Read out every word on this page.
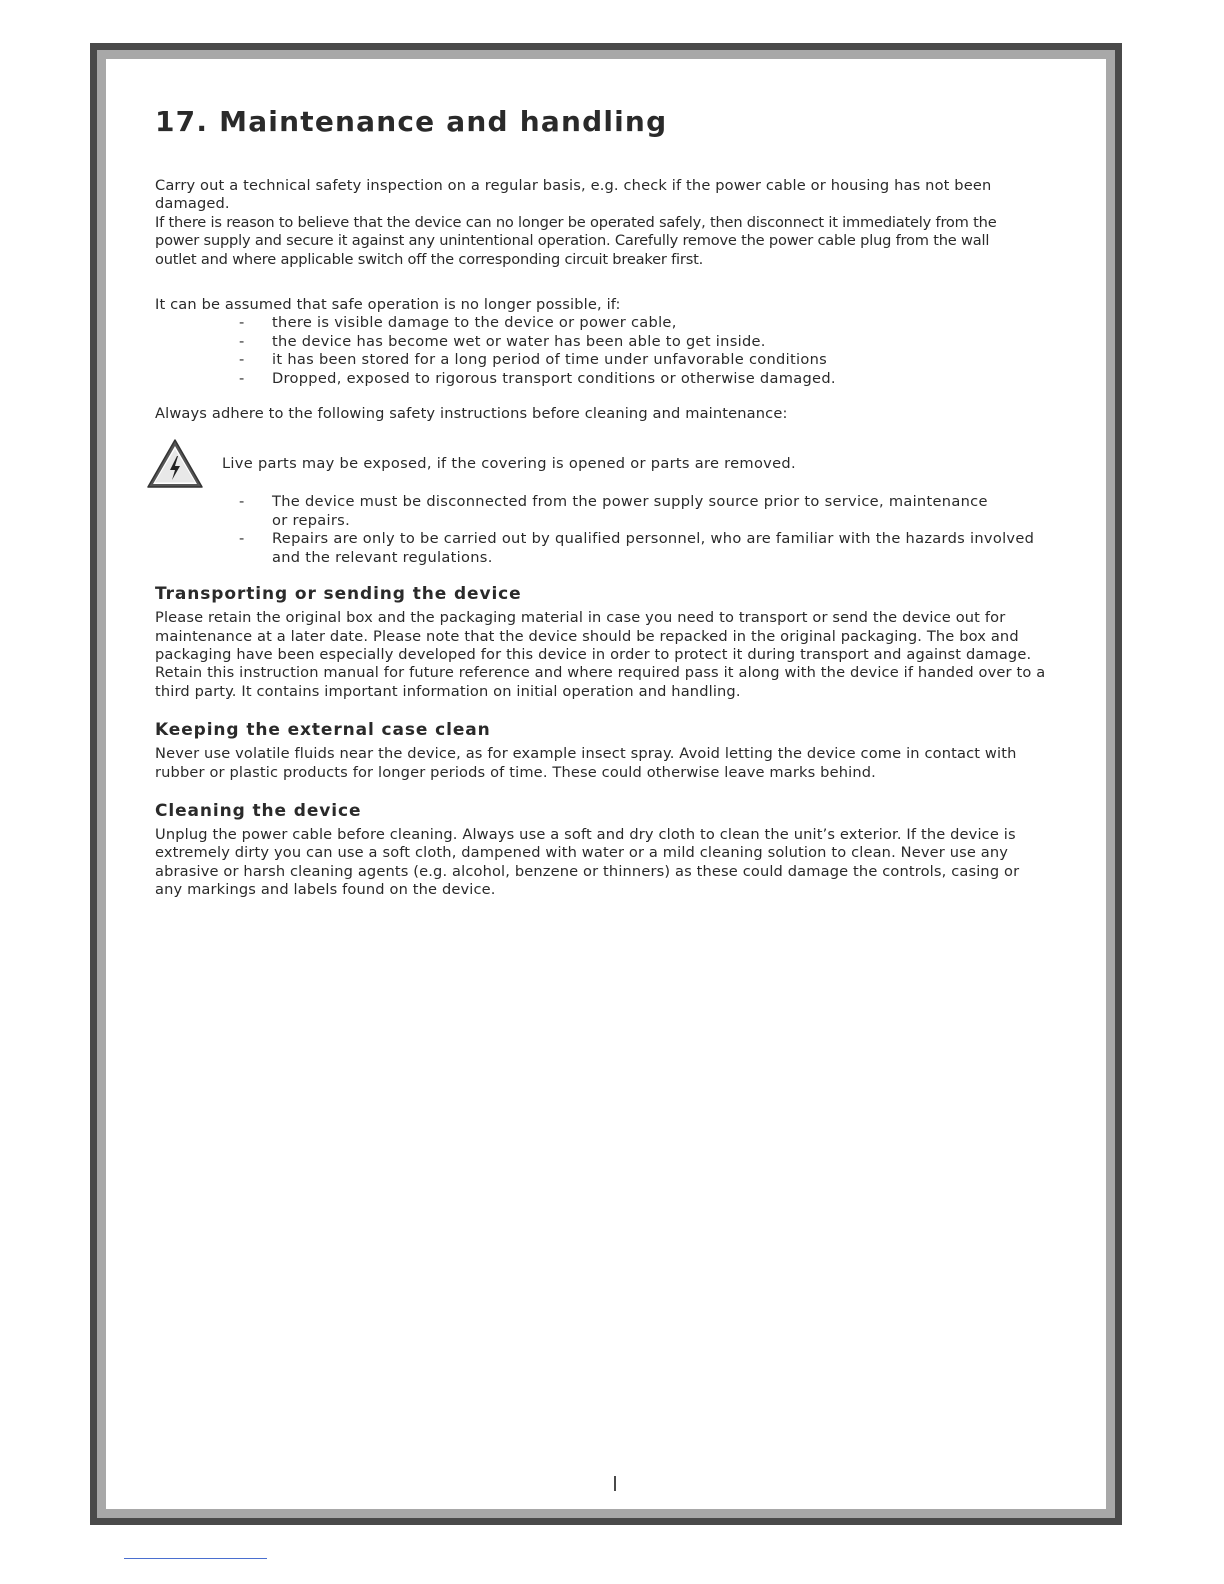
17. Maintenance and handling

Carry out a technical safety inspection on a regular basis, e.g. check if the power cable or housing has not been

damaged.

If there is reason to believe that the device can no longer be operated safely, then disconnect it immediately from the

power supply and secure it against any unintentional operation. Carefully remove the power cable plug from the wall

outlet and where applicable switch off the corresponding circuit breaker first.

It can be assumed that safe operation is no longer possible, if:

- there is visible damage to the device or power cable,
- the device has become wet or water has been able to get inside.
- it has been stored for a long period of time under unfavorable conditions
- Dropped, exposed to rigorous transport conditions or otherwise damaged.

Always adhere to the following safety instructions before cleaning and maintenance:

Live parts may be exposed, if the covering is opened or parts are removed.
- The device must be disconnected from the power supply source prior to service, maintenance
or repairs.
- Repairs are only to be carried out by qualified personnel, who are familiar with the hazards involved
and the relevant regulations.
Transporting or sending the device

Please retain the original box and the packaging material in case you need to transport or send the device out for

maintenance at a later date. Please note that the device should be repacked in the original packaging. The box and

packaging have been especially developed for this device in order to protect it during transport and against damage.

Retain this instruction manual for future reference and where required pass it along with the device if handed over to a

third party. It contains important information on initial operation and handling.

Keeping the external case clean

Never use volatile fluids near the device, as for example insect spray. Avoid letting the device come in contact with

rubber or plastic products for longer periods of time. These could otherwise leave marks behind.

Cleaning the device

Unplug the power cable before cleaning. Always use a soft and dry cloth to clean the unit’s exterior. If the device is

extremely dirty you can use a soft cloth, dampened with water or a mild cleaning solution to clean. Never use any

abrasive or harsh cleaning agents (e.g. alcohol, benzene or thinners) as these could damage the controls, casing or

any markings and labels found on the device.
